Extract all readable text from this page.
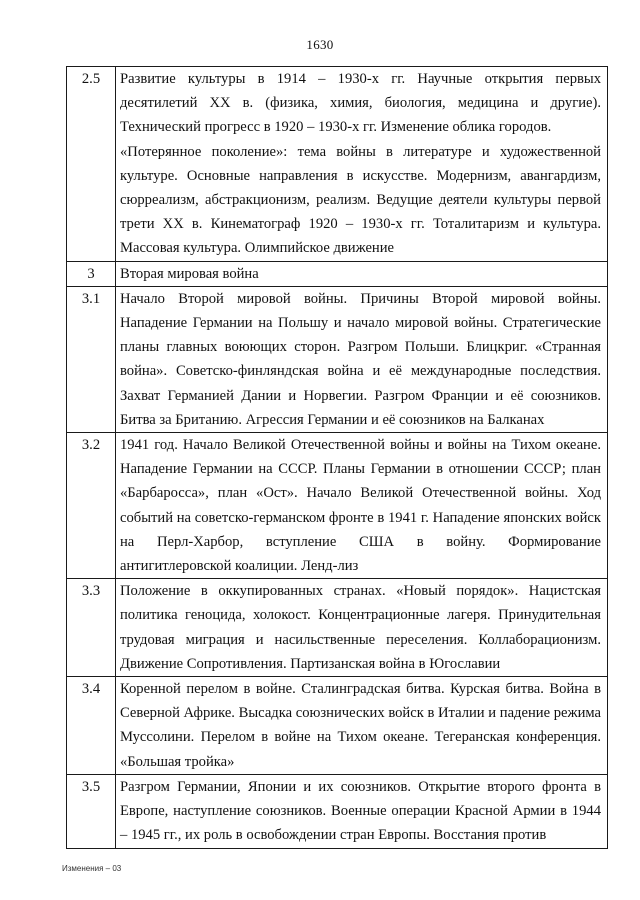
1630
2.5	Развитие культуры в 1914 – 1930-х гг. Научные открытия первых десятилетий XX в. (физика, химия, биология, медицина и другие). Технический прогресс в 1920 – 1930-х гг. Изменение облика городов.
«Потерянное поколение»: тема войны в литературе и художественной культуре. Основные направления в искусстве. Модернизм, авангардизм, сюрреализм, абстракционизм, реализм. Ведущие деятели культуры первой трети XX в. Кинематограф 1920 – 1930-х гг. Тоталитаризм и культура. Массовая культура. Олимпийское движение

3	Вторая мировая война

3.1	Начало Второй мировой войны. Причины Второй мировой войны. Нападение Германии на Польшу и начало мировой войны. Стратегические планы главных воюющих сторон. Разгром Польши. Блицкриг. «Странная война». Советско-финляндская война и её международные последствия. Захват Германией Дании и Норвегии. Разгром Франции и её союзников. Битва за Британию. Агрессия Германии и её союзников на Балканах

3.2	1941 год. Начало Великой Отечественной войны и войны на Тихом океане. Нападение Германии на СССР. Планы Германии в отношении СССР; план «Барбаросса», план «Ост». Начало Великой Отечественной войны. Ход событий на советско-германском фронте в 1941 г. Нападение японских войск на Перл-Харбор, вступление США в войну. Формирование антигитлеровской коалиции. Ленд-лиз

3.3	Положение в оккупированных странах. «Новый порядок». Нацистская политика геноцида, холокост. Концентрационные лагеря. Принудительная трудовая миграция и насильственные переселения. Коллаборационизм. Движение Сопротивления. Партизанская война в Югославии

3.4	Коренной перелом в войне. Сталинградская битва. Курская битва. Война в Северной Африке. Высадка союзнических войск в Италии и падение режима Муссолини. Перелом в войне на Тихом океане. Тегеранская конференция. «Большая тройка»

3.5	Разгром Германии, Японии и их союзников. Открытие второго фронта в Европе, наступление союзников. Военные операции Красной Армии в 1944 – 1945 гг., их роль в освобождении стран Европы. Восстания против
Изменения – 03
